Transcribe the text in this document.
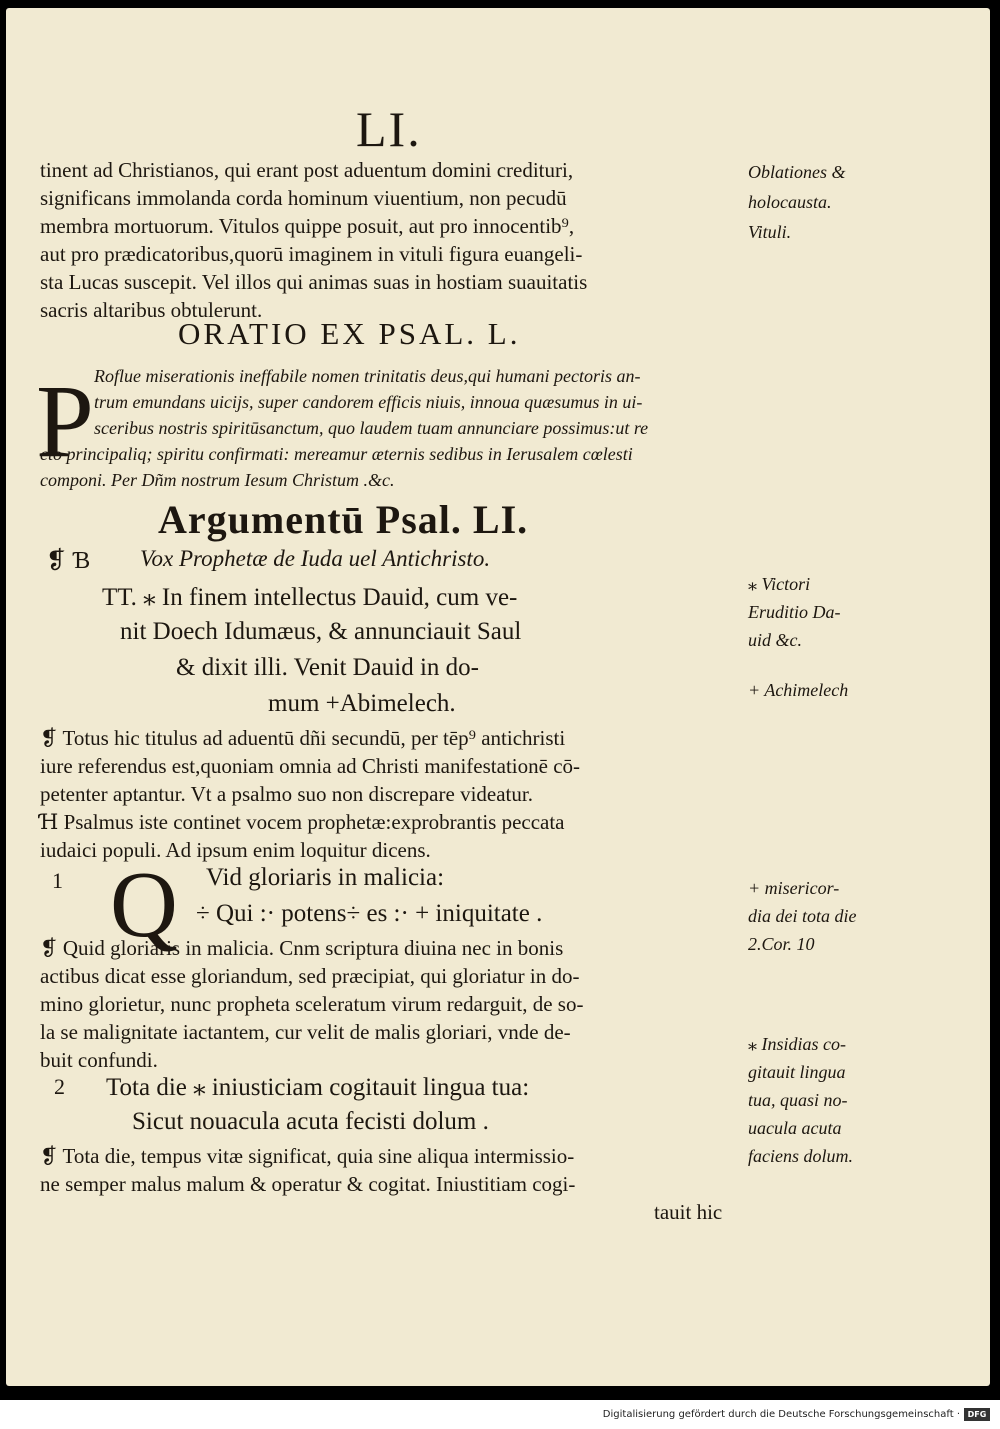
LI.
tinent ad Christianos, qui erant post aduentum domini credituri,
significans immolanda corda hominum viuentium, non pecudū
membra mortuorum. Vitulos quippe posuit, aut pro innocentib⁹,
aut pro prædicatoribus,quorū imaginem in vituli figura euangeli-
sta Lucas suscepit. Vel illos qui animas suas in hostiam suauitatis
sacris altaribus obtulerunt.
ORATIO EX PSAL. L.
P Roflue miserationis ineffabile nomen trinitatis deus,qui humani pectoris an-
trum emundans uicijs, super candorem efficis niuis, innoua quæsumus in ui-
sceribus nostris spiritūsanctum, quo laudem tuam annunciare possimus:ut re
cto principaliq; spiritu confirmati: mereamur æternis sedibus in Ierusalem cœlesti
componi. Per Dñm nostrum Iesum Christum .&c.
Argumentū Psal. LI.
❡ Ɓ Vox Prophetæ de Iuda uel Antichristo.
TT. ⁎ In finem intellectus Dauid, cum ve-
nit Doech Idumæus, & annunciauit Saul
& dixit illi. Venit Dauid in do-
mum +Abimelech.
❡ Totus hic titulus ad aduentū dñi secundū, per tēp⁹ antichristi
iure referendus est,quoniam omnia ad Christi manifestationē cō-
petenter aptantur. Vt a psalmo suo non discrepare videatur.
Ɦ Psalmus iste continet vocem prophetæ:exprobrantis peccata
iudaici populi. Ad ipsum enim loquitur dicens.
1 Q Vid gloriaris in malicia:
÷ Qui :· potens÷ es :· + iniquitate .
❡ Quid gloriaris in malicia. Cnm scriptura diuina nec in bonis
actibus dicat esse gloriandum, sed præcipiat, qui gloriatur in do-
mino glorietur, nunc propheta sceleratum virum redarguit, de so-
la se malignitate iactantem, cur velit de malis gloriari, vnde de-
buit confundi.
2 Tota die ⁎ iniusticiam cogitauit lingua tua:
Sicut nouacula acuta fecisti dolum .
❡ Tota die, tempus vitæ significat, quia sine aliqua intermissio-
ne semper malus malum & operatur & cogitat. Iniustitiam cogi-
tauit hic
Oblationes &
holocausta.
Vituli.
⁎ Victori
Eruditio Da-
uid &c.
+ Achimelech
+ misericor-
dia dei tota die
2.Cor. 10
⁎ Insidias co-
gitauit lingua
tua, quasi no-
uacula acuta
faciens dolum.
Digitalisierung gefördert durch die Deutsche Forschungsgemeinschaft · DFG
